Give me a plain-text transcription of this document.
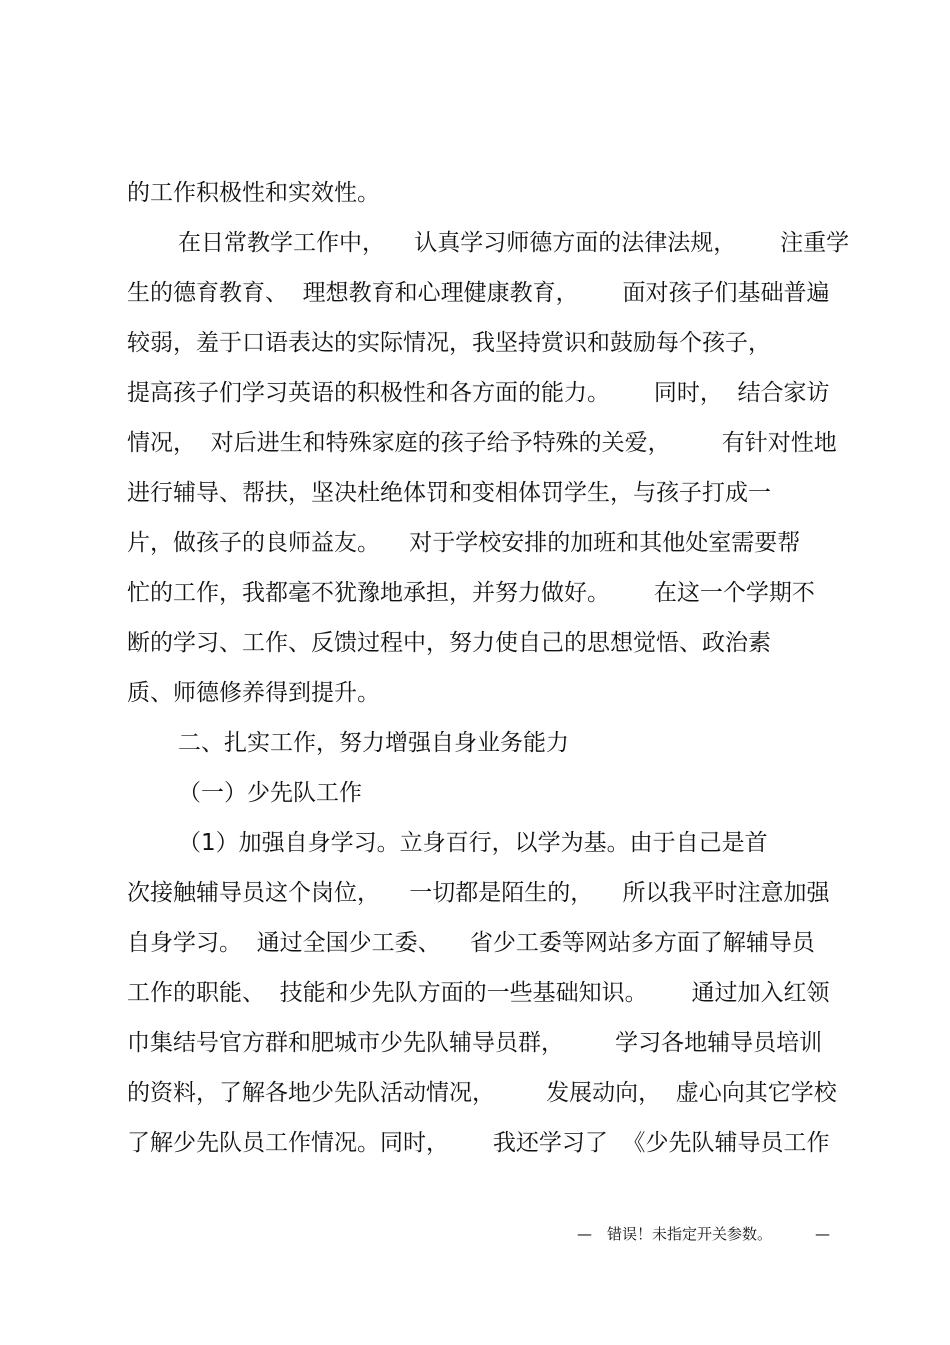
的工作积极性和实效性。
在日常教学工作中，    认真学习师德方面的法律法规，      注重学
生的德育教育、  理想教育和心理健康教育，      面对孩子们基础普遍
较弱，羞于口语表达的实际情况，我坚持赏识和鼓励每个孩子，
提高孩子们学习英语的积极性和各方面的能力。      同时，  结合家访
情况，  对后进生和特殊家庭的孩子给予特殊的关爱，       有针对性地
进行辅导、帮扶，坚决杜绝体罚和变相体罚学生，与孩子打成一
片，做孩子的良师益友。    对于学校安排的加班和其他处室需要帮
忙的工作，我都毫不犹豫地承担，并努力做好。      在这一个学期不
断的学习、工作、反馈过程中，努力使自己的思想觉悟、政治素
质、师德修养得到提升。
二、扎实工作，努力增强自身业务能力
（一）少先队工作
（1）加强自身学习。立身百行，以学为基。由于自己是首
次接触辅导员这个岗位，    一切都是陌生的，    所以我平时注意加强
自身学习。  通过全国少工委、    省少工委等网站多方面了解辅导员
工作的职能、  技能和少先队方面的一些基础知识。      通过加入红领
巾集结号官方群和肥城市少先队辅导员群，       学习各地辅导员培训
的资料，了解各地少先队活动情况，       发展动向，  虚心向其它学校
了解少先队员工作情况。同时，      我还学习了  《少先队辅导员工作
— 错误！未指定开关参数。	—
